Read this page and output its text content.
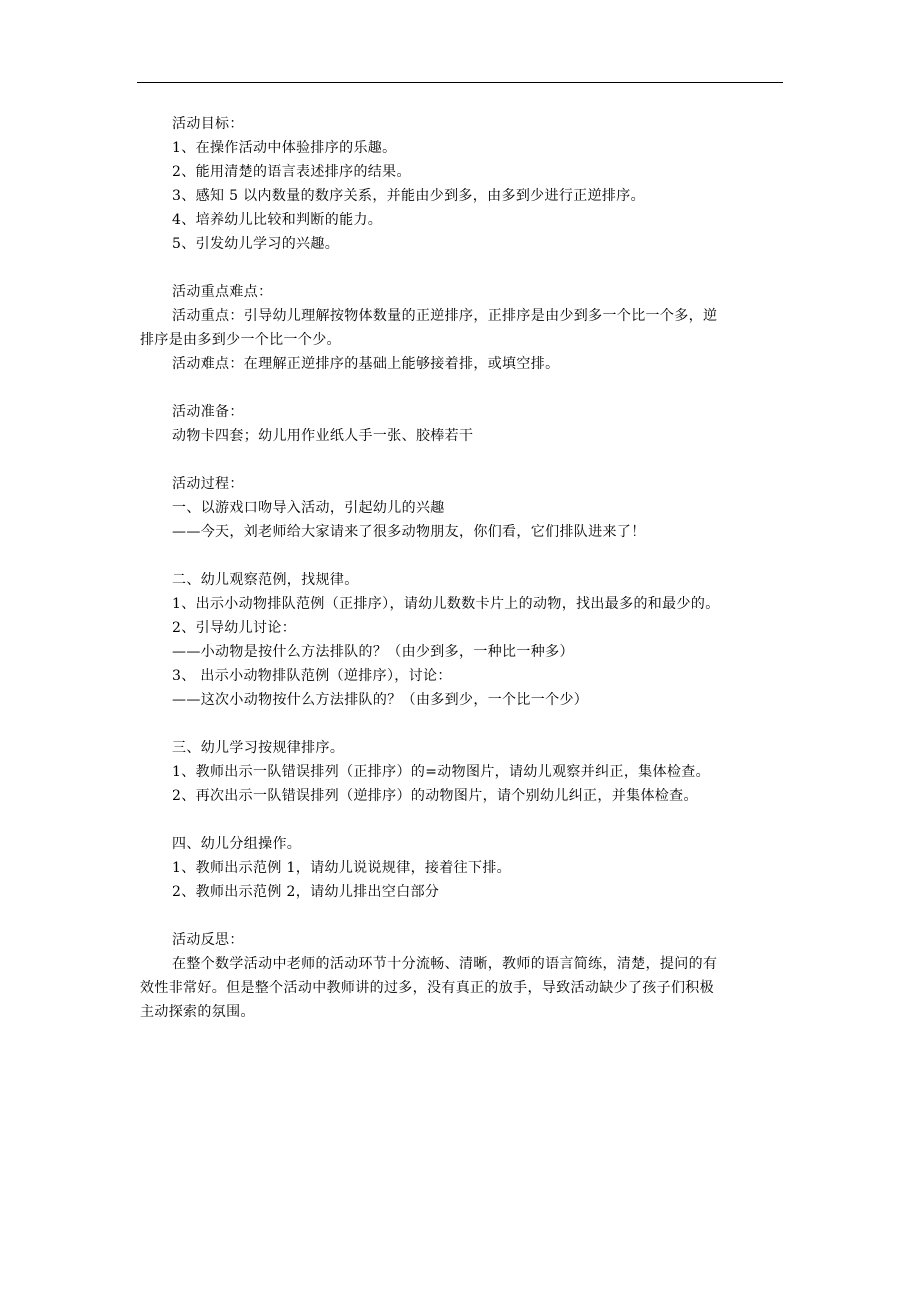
活动目标：
1、在操作活动中体验排序的乐趣。
2、能用清楚的语言表述排序的结果。
3、感知 5 以内数量的数序关系，并能由少到多，由多到少进行正逆排序。
4、培养幼儿比较和判断的能力。
5、引发幼儿学习的兴趣。
活动重点难点：
活动重点：引导幼儿理解按物体数量的正逆排序，正排序是由少到多一个比一个多，逆
排序是由多到少一个比一个少。
活动难点：在理解正逆排序的基础上能够接着排，或填空排。
活动准备：
动物卡四套；幼儿用作业纸人手一张、胶棒若干
活动过程：
一、以游戏口吻导入活动，引起幼儿的兴趣
——今天，刘老师给大家请来了很多动物朋友，你们看，它们排队进来了！
二、幼儿观察范例，找规律。
1、出示小动物排队范例（正排序），请幼儿数数卡片上的动物，找出最多的和最少的。
2、引导幼儿讨论：
——小动物是按什么方法排队的？（由少到多，一种比一种多）
3、 出示小动物排队范例（逆排序），讨论：
——这次小动物按什么方法排队的？（由多到少，一个比一个少）
三、幼儿学习按规律排序。
1、教师出示一队错误排列（正排序）的=动物图片，请幼儿观察并纠正，集体检查。
2、再次出示一队错误排列（逆排序）的动物图片，请个别幼儿纠正，并集体检查。
四、幼儿分组操作。
1、教师出示范例 1，请幼儿说说规律，接着往下排。
2、教师出示范例 2，请幼儿排出空白部分
活动反思：
在整个数学活动中老师的活动环节十分流畅、清晰，教师的语言简练，清楚，提问的有
效性非常好。但是整个活动中教师讲的过多，没有真正的放手，导致活动缺少了孩子们积极
主动探索的氛围。
